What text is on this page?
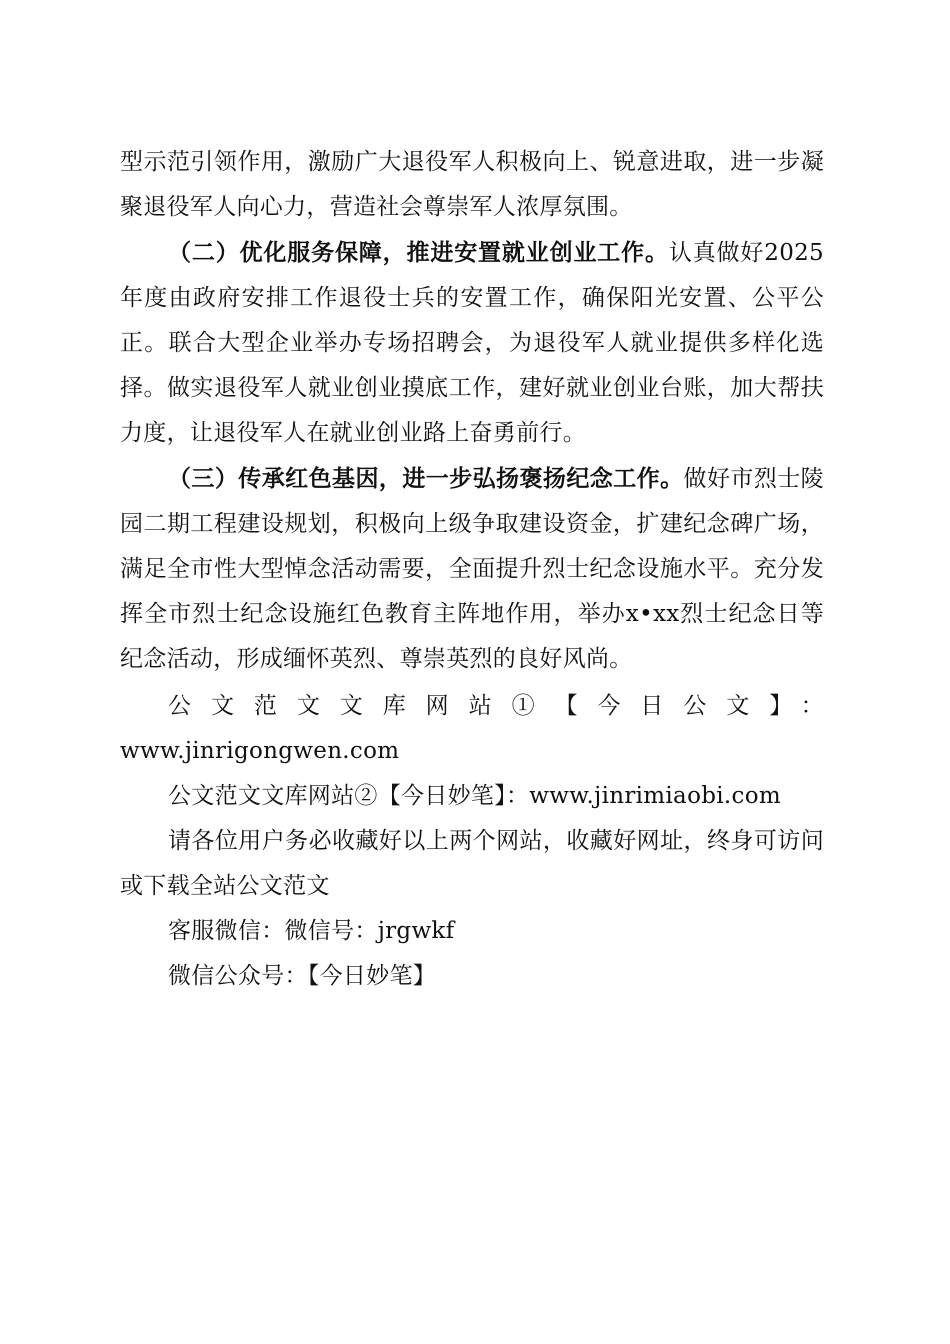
型示范引领作用，激励广大退役军人积极向上、锐意进取，进一步凝聚退役军人向心力，营造社会尊崇军人浓厚氛围。

（二）优化服务保障，推进安置就业创业工作。认真做好2025年度由政府安排工作退役士兵的安置工作，确保阳光安置、公平公正。联合大型企业举办专场招聘会，为退役军人就业提供多样化选择。做实退役军人就业创业摸底工作，建好就业创业台账，加大帮扶力度，让退役军人在就业创业路上奋勇前行。

（三）传承红色基因，进一步弘扬褒扬纪念工作。做好市烈士陵园二期工程建设规划，积极向上级争取建设资金，扩建纪念碑广场，满足全市性大型悼念活动需要，全面提升烈士纪念设施水平。充分发挥全市烈士纪念设施红色教育主阵地作用，举办x•xx烈士纪念日等纪念活动，形成缅怀英烈、尊崇英烈的良好风尚。

公文范文文库网站①【今日公文】：

www.jinrigongwen.com

公文范文文库网站②【今日妙笔】：www.jinrimiaobi.com

请各位用户务必收藏好以上两个网站，收藏好网址，终身可访问或下载全站公文范文

客服微信：微信号：jrgwkf

微信公众号：【今日妙笔】
